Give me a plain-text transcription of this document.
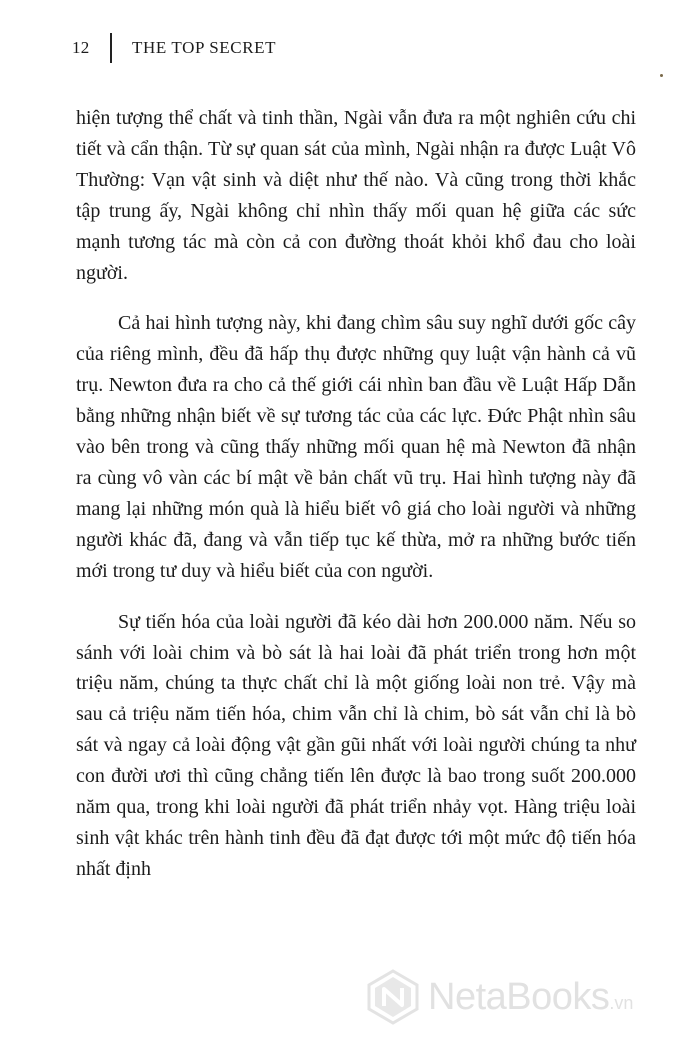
12	THE TOP SECRET

hiện tượng thể chất và tinh thần, Ngài vẫn đưa ra một nghiên cứu chi tiết và cẩn thận. Từ sự quan sát của mình, Ngài nhận ra được Luật Vô Thường: Vạn vật sinh và diệt như thế nào. Và cũng trong thời khắc tập trung ấy, Ngài không chỉ nhìn thấy mối quan hệ giữa các sức mạnh tương tác mà còn cả con đường thoát khỏi khổ đau cho loài người.

Cả hai hình tượng này, khi đang chìm sâu suy nghĩ dưới gốc cây của riêng mình, đều đã hấp thụ được những quy luật vận hành cả vũ trụ. Newton đưa ra cho cả thế giới cái nhìn ban đầu về Luật Hấp Dẫn bằng những nhận biết về sự tương tác của các lực. Đức Phật nhìn sâu vào bên trong và cũng thấy những mối quan hệ mà Newton đã nhận ra cùng vô vàn các bí mật về bản chất vũ trụ. Hai hình tượng này đã mang lại những món quà là hiểu biết vô giá cho loài người và những người khác đã, đang và vẫn tiếp tục kế thừa, mở ra những bước tiến mới trong tư duy và hiểu biết của con người.

Sự tiến hóa của loài người đã kéo dài hơn 200.000 năm. Nếu so sánh với loài chim và bò sát là hai loài đã phát triển trong hơn một triệu năm, chúng ta thực chất chỉ là một giống loài non trẻ. Vậy mà sau cả triệu năm tiến hóa, chim vẫn chỉ là chim, bò sát vẫn chỉ là bò sát và ngay cả loài động vật gần gũi nhất với loài người chúng ta như con đười ươi thì cũng chẳng tiến lên được là bao trong suốt 200.000 năm qua, trong khi loài người đã phát triển nhảy vọt. Hàng triệu loài sinh vật khác trên hành tinh đều đã đạt được tới một mức độ tiến hóa nhất định

NetaBooks.vn
